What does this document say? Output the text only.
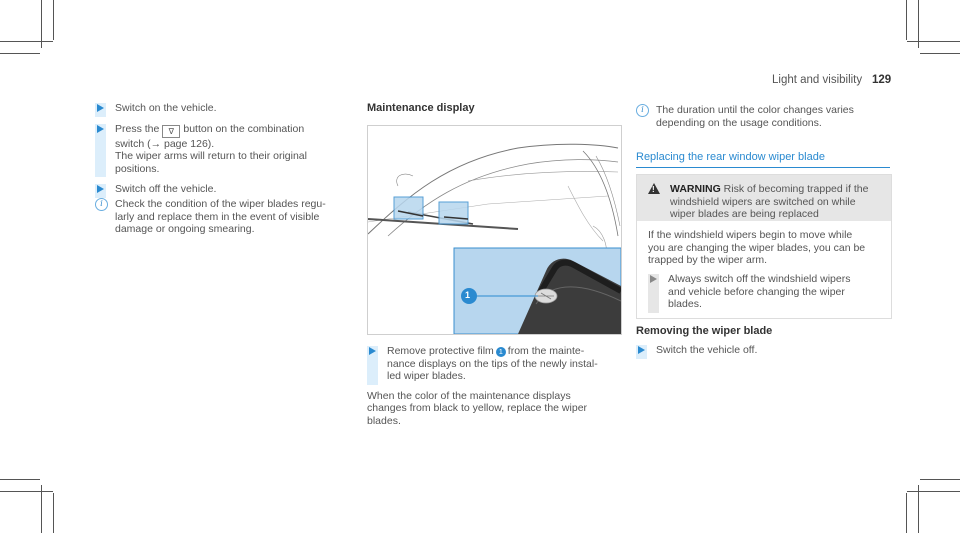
Light and visibility 129
Switch on the vehicle.
Press the ∇ button on the combination
switch (→ page 126).
The wiper arms will return to their original
positions.
Switch off the vehicle.
i	Check the condition of the wiper blades regu-
larly and replace them in the event of visible
damage or ongoing smearing.
Maintenance display
1
Remove protective film 1 from the mainte-
nance displays on the tips of the newly instal-
led wiper blades.
When the color of the maintenance displays
changes from black to yellow, replace the wiper
blades.
i	The duration until the color changes varies
depending on the usage conditions.
Replacing the rear window wiper blade
! WARNING Risk of becoming trapped if the
windshield wipers are switched on while
wiper blades are being replaced
If the windshield wipers begin to move while
you are changing the wiper blades, you can be
trapped by the wiper arm.
Always switch off the windshield wipers
and vehicle before changing the wiper
blades.
Removing the wiper blade
Switch the vehicle off.
